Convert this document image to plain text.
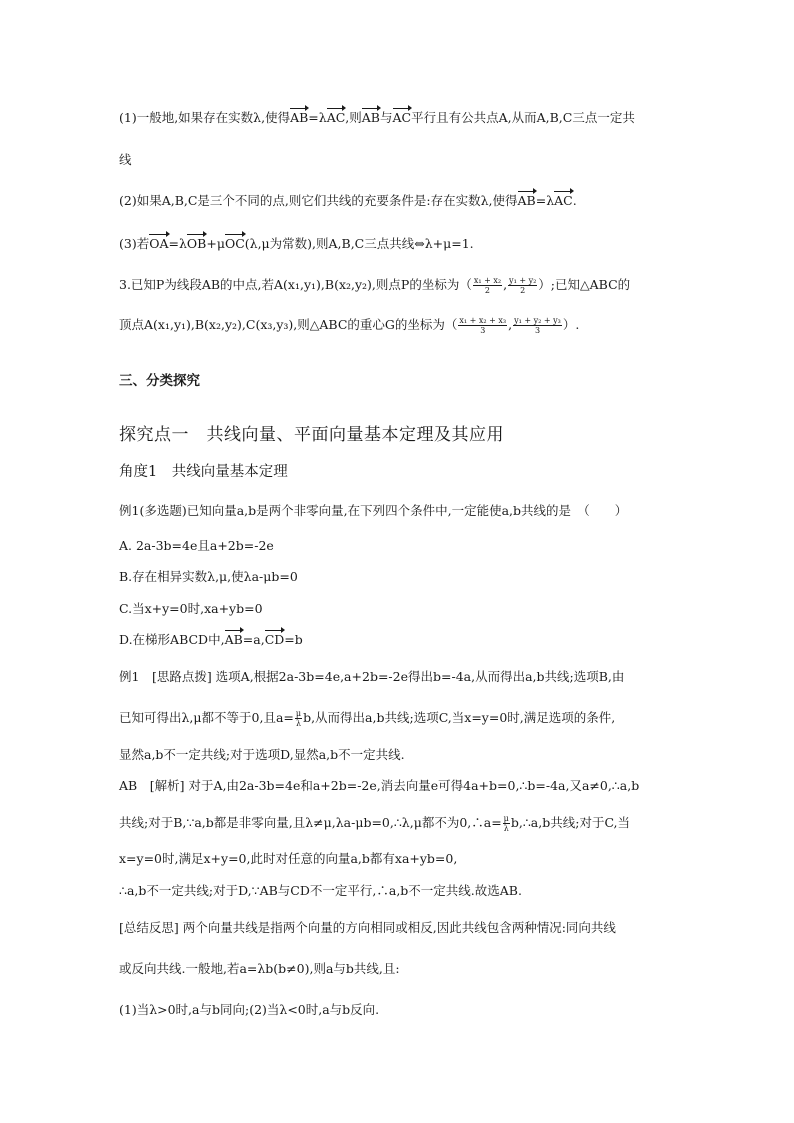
(1)一般地,如果存在实数λ,使得AB=λAC,则AB与AC平行且有公共点A,从而A,B,C三点一定共
线
(2)如果A,B,C是三个不同的点,则它们共线的充要条件是:存在实数λ,使得AB=λAC.
(3)若OA=λOB+μOC(λ,μ为常数),则A,B,C三点共线⇔λ+μ=1.
3.已知P为线段AB的中点,若A(x₁,y₁),B(x₂,y₂),则点P的坐标为（ $\frac{\text{x₁ + x₂}}{2}$ , $\frac{\text{y₁ + y₂}}{2}$ ）;已知△ABC的
顶点A(x₁,y₁),B(x₂,y₂),C(x₃,y₃),则△ABC的重心G的坐标为（ $\frac{\text{x₁ + x₂ + x₃}}{3}$ , $\frac{\text{y₁ + y₂ + y₃}}{3}$ ）.
三、分类探究
探究点一　共线向量、平面向量基本定理及其应用
角度1　共线向量基本定理
例1(多选题)已知向量a,b是两个非零向量,在下列四个条件中,一定能使a,b共线的是　（　　）
A. 2a-3b=4e且a+2b=-2e
B.存在相异实数λ,μ,使λa-μb=0
C.当x+y=0时,xa+yb=0
D.在梯形ABCD中,AB=a,CD=b
例1　[思路点拨] 选项A,根据2a-3b=4e,a+2b=-2e得出b=-4a,从而得出a,b共线;选项B,由
已知可得出λ,μ都不等于0,且$a= \frac{\mu}{\lambda} b$,从而得出a,b共线;选项C,当x=y=0时,满足选项的条件,
显然a,b不一定共线;对于选项D,显然a,b不一定共线.
AB　[解析] 对于A,由2a-3b=4e和a+2b=-2e,消去向量e可得4a+b=0,∴b=-4a,又a≠0,∴a,b
共线;对于B,∵a,b都是非零向量,且λ≠μ,λa-μb=0,∴λ,μ都不为0,∴a= $\frac{\mu}{\lambda}$ b,∴a,b共线;对于C,当
x=y=0时,满足x+y=0,此时对任意的向量a,b都有xa+yb=0,
∴a,b不一定共线;对于D,∵AB与CD不一定平行,∴a,b不一定共线.故选AB.
[总结反思] 两个向量共线是指两个向量的方向相同或相反,因此共线包含两种情况:同向共线
或反向共线.一般地,若a=λb(b≠0),则a与b共线,且:
(1)当λ>0时,a与b同向;(2)当λ<0时,a与b反向.
